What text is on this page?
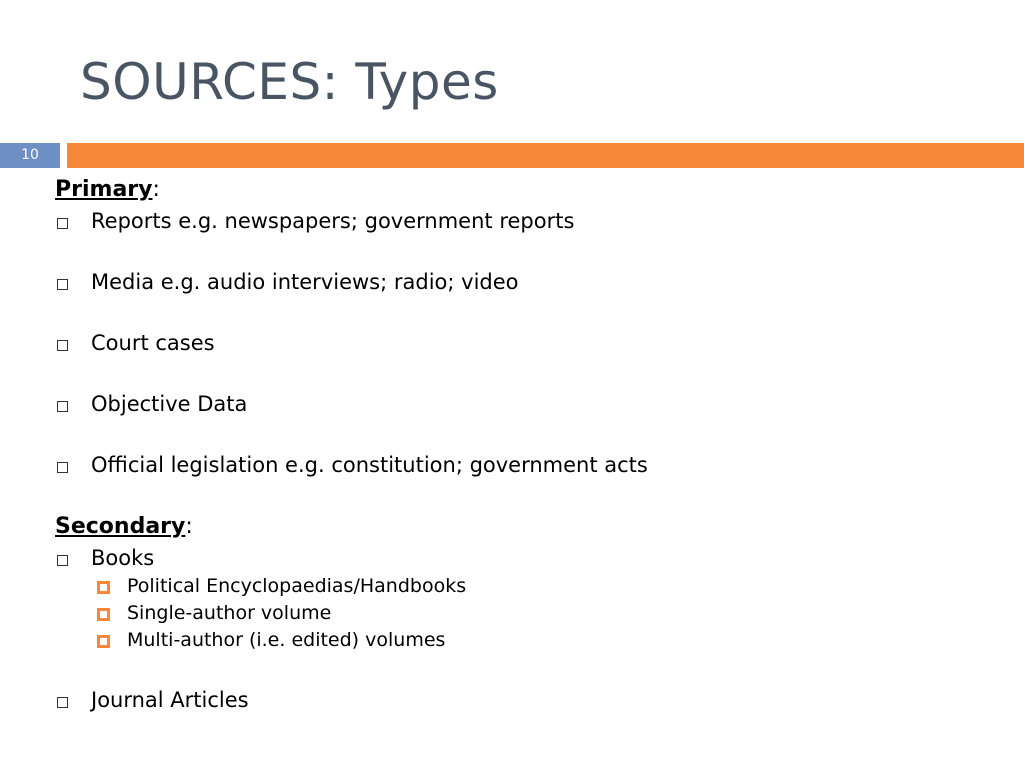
SOURCES: Types
10
Primary:
Reports e.g. newspapers; government reports
Media e.g. audio interviews; radio; video
Court cases
Objective Data
Official legislation e.g. constitution; government acts
Secondary:
Books
Political Encyclopaedias/Handbooks
Single-author volume
Multi-author (i.e. edited) volumes
Journal Articles
